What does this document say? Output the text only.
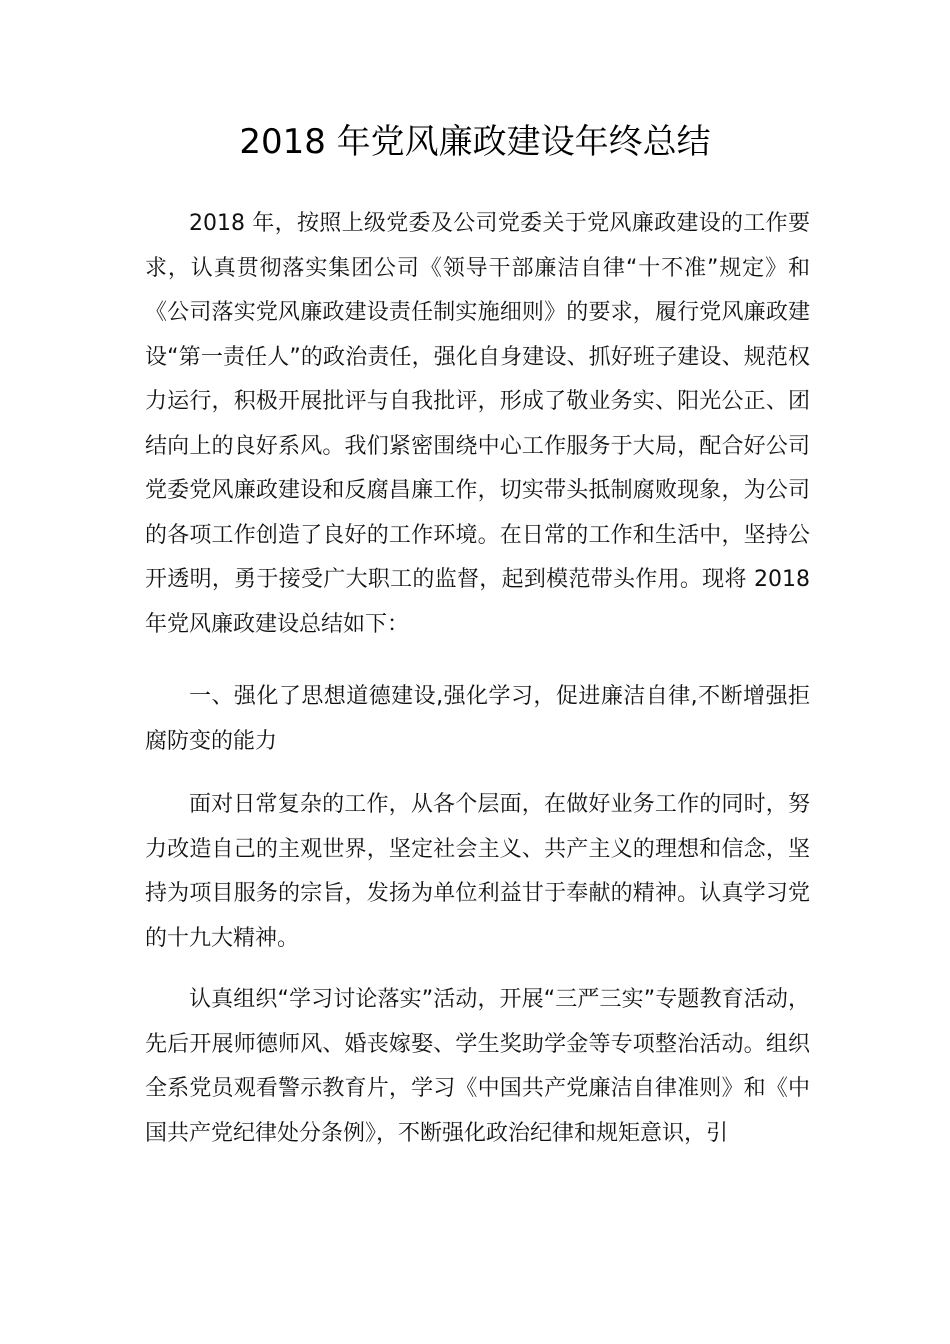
2018 年党风廉政建设年终总结

2018 年，按照上级党委及公司党委关于党风廉政建设的工作要求，认真贯彻落实集团公司《领导干部廉洁自律“十不准”规定》和《公司落实党风廉政建设责任制实施细则》的要求，履行党风廉政建设“第一责任人”的政治责任，强化自身建设、抓好班子建设、规范权力运行，积极开展批评与自我批评，形成了敬业务实、阳光公正、团结向上的良好系风。我们紧密围绕中心工作服务于大局，配合好公司党委党风廉政建设和反腐昌廉工作，切实带头抵制腐败现象，为公司的各项工作创造了良好的工作环境。在日常的工作和生活中，坚持公开透明，勇于接受广大职工的监督，起到模范带头作用。现将 2018 年党风廉政建设总结如下：

一、强化了思想道德建设,强化学习，促进廉洁自律,不断增强拒腐防变的能力

面对日常复杂的工作，从各个层面，在做好业务工作的同时，努力改造自己的主观世界，坚定社会主义、共产主义的理想和信念，坚持为项目服务的宗旨，发扬为单位利益甘于奉献的精神。认真学习党的十九大精神。

认真组织“学习讨论落实”活动，开展“三严三实”专题教育活动，先后开展师德师风、婚丧嫁娶、学生奖助学金等专项整治活动。组织全系党员观看警示教育片，学习《中国共产党廉洁自律准则》和《中国共产党纪律处分条例》，不断强化政治纪律和规矩意识，引
